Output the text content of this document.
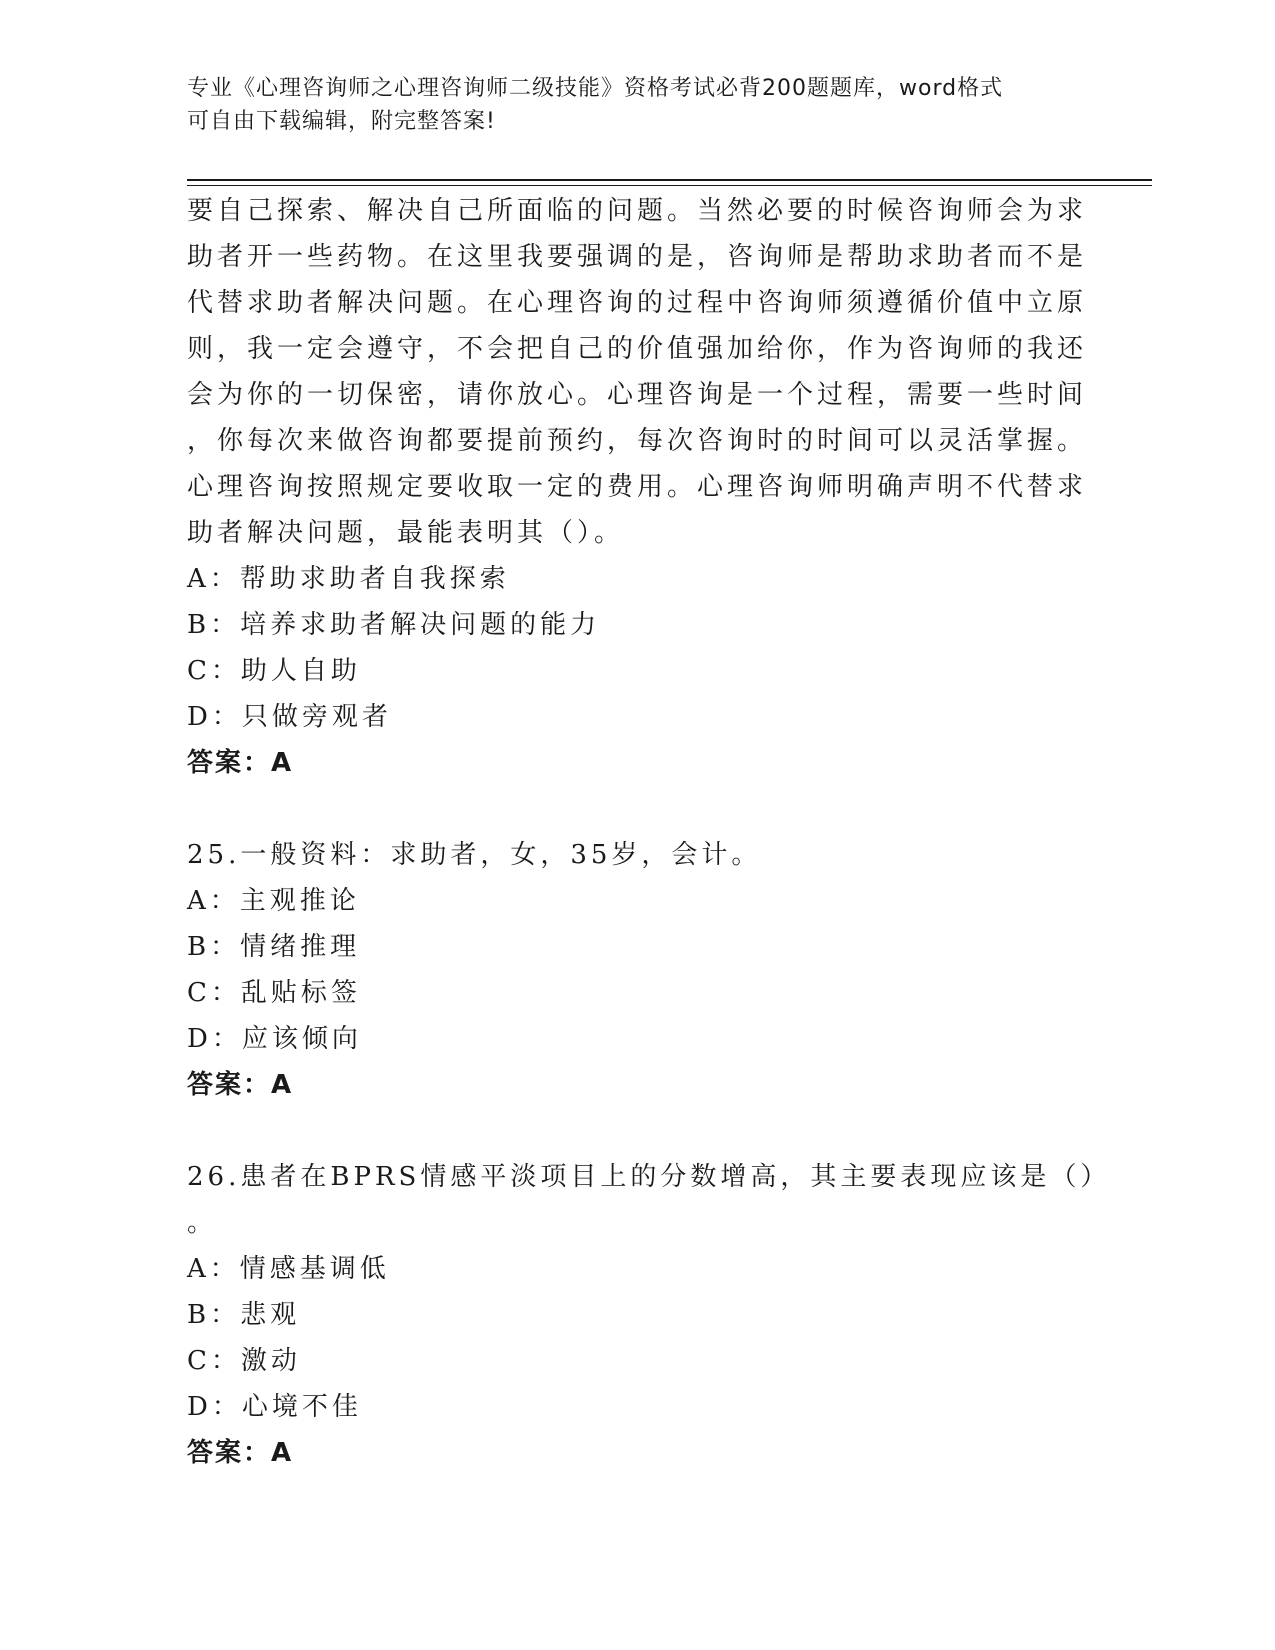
专业《心理咨询师之心理咨询师二级技能》资格考试必背200题题库，word格式
可自由下载编辑，附完整答案!
要自己探索、解决自己所面临的问题。当然必要的时候咨询师会为求
助者开一些药物。在这里我要强调的是，咨询师是帮助求助者而不是
代替求助者解决问题。在心理咨询的过程中咨询师须遵循价值中立原
则，我一定会遵守，不会把自己的价值强加给你，作为咨询师的我还
会为你的一切保密，请你放心。心理咨询是一个过程，需要一些时间
，你每次来做咨询都要提前预约，每次咨询时的时间可以灵活掌握。
心理咨询按照规定要收取一定的费用。心理咨询师明确声明不代替求
助者解决问题，最能表明其（）。
A：帮助求助者自我探索
B：培养求助者解决问题的能力
C：助人自助
D：只做旁观者
答案：A
25.一般资料：求助者，女，35岁，会计。
A：主观推论
B：情绪推理
C：乱贴标签
D：应该倾向
答案：A
26.患者在BPRS情感平淡项目上的分数增高，其主要表现应该是（）
。
A：情感基调低
B：悲观
C：激动
D：心境不佳
答案：A
